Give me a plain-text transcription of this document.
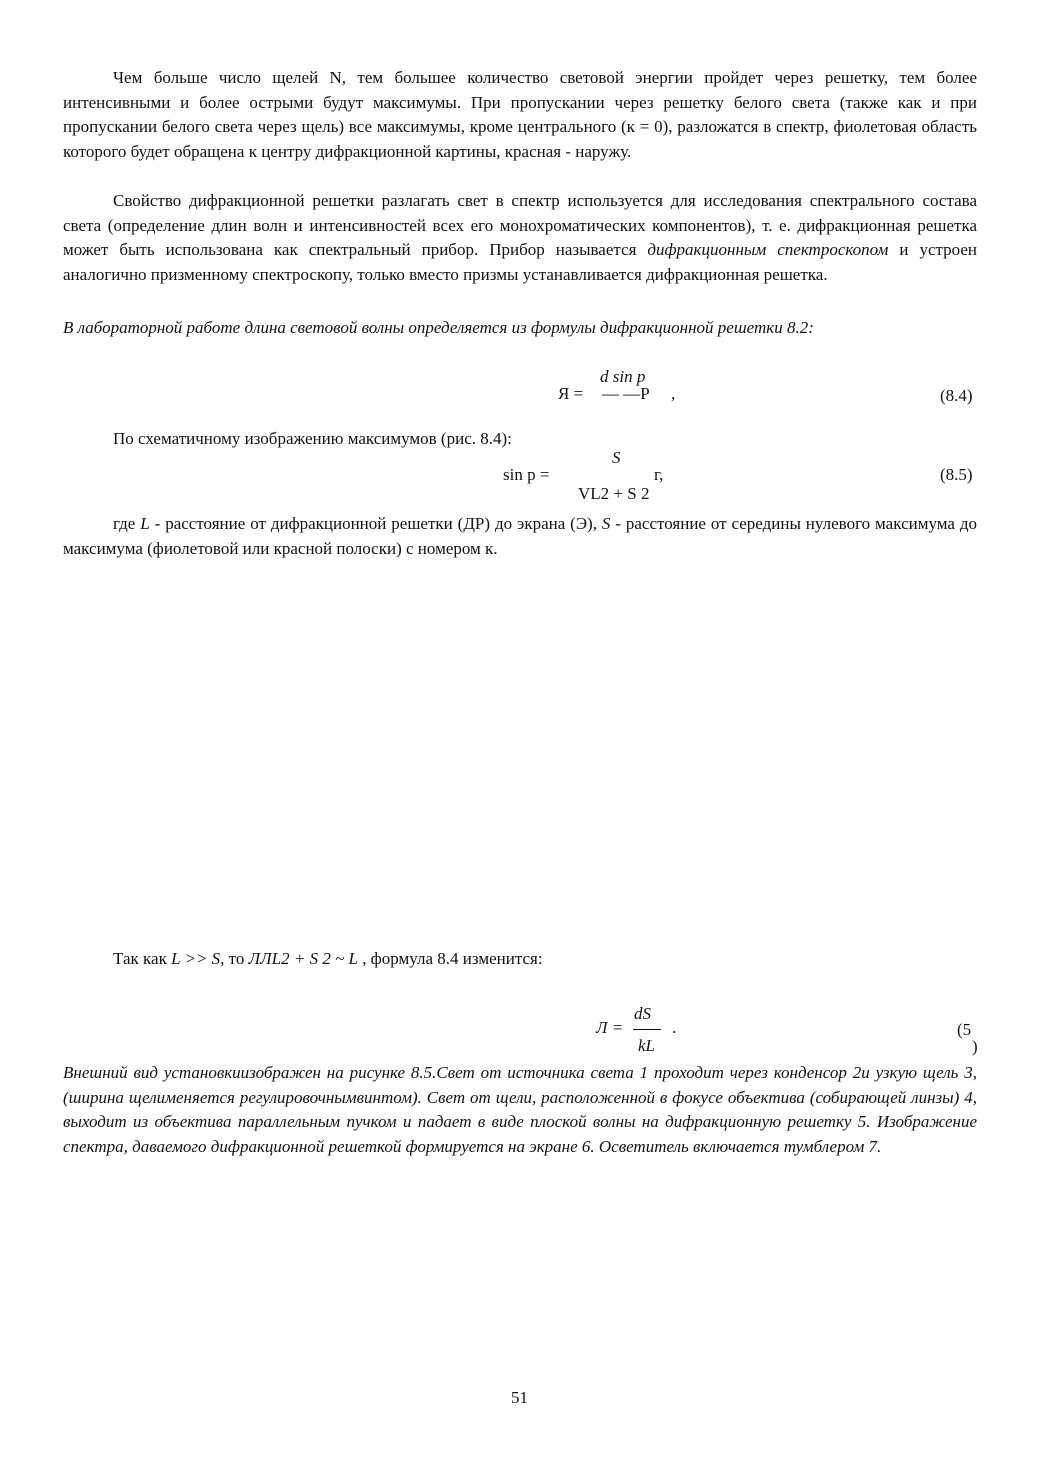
Чем больше число щелей N, тем большее количество световой энергии пройдет через решетку, тем более интенсивными и более острыми будут максимумы. При пропускании через решетку белого света (также как и при пропускании белого света через щель) все максимумы, кроме центрального (к = 0), разложатся в спектр, фиолетовая область которого будет обращена к центру дифракционной картины, красная - наружу.

Свойство дифракционной решетки разлагать свет в спектр используется для исследования спектрального состава света (определение длин волн и интенсивностей всех его монохроматических компонентов), т. е. дифракционная решетка может быть использована как спектральный прибор. Прибор называется дифракционным спектроскопом и устроен аналогично призменному спектроскопу, только вместо призмы устанавливается дифракционная решетка.

В лабораторной работе длина световой волны определяется из формулы дифракционной решетки 8.2:

d sin p
Я = — —Р ,	(8.4)

По схематичному изображению максимумов (рис. 8.4):

S
sin p =	г,
VL2 + S 2
(8.5)

где L - расстояние от дифракционной решетки (ДР) до экрана (Э), S - расстояние от середины нулевого максимума до максимума (фиолетовой или красной полоски) с номером к.

Так как L >> S, то ЛЛL2 + S 2 ~ L , формула 8.4 изменится:

dS
Л =	.
kL
(5
)

Внешний вид установкиизображен на рисунке 8.5.Свет от источника света 1 проходит через конденсор 2и узкую щель 3,(ширина щелименяется регулировочнымвинтом). Свет от щели, расположенной в фокусе объектива (собирающей линзы) 4, выходит из объектива параллельным пучком и падает в виде плоской волны на дифракционную решетку 5. Изображение спектра, даваемого дифракционной решеткой формируется на экране 6. Осветитель включается тумблером 7.

51
